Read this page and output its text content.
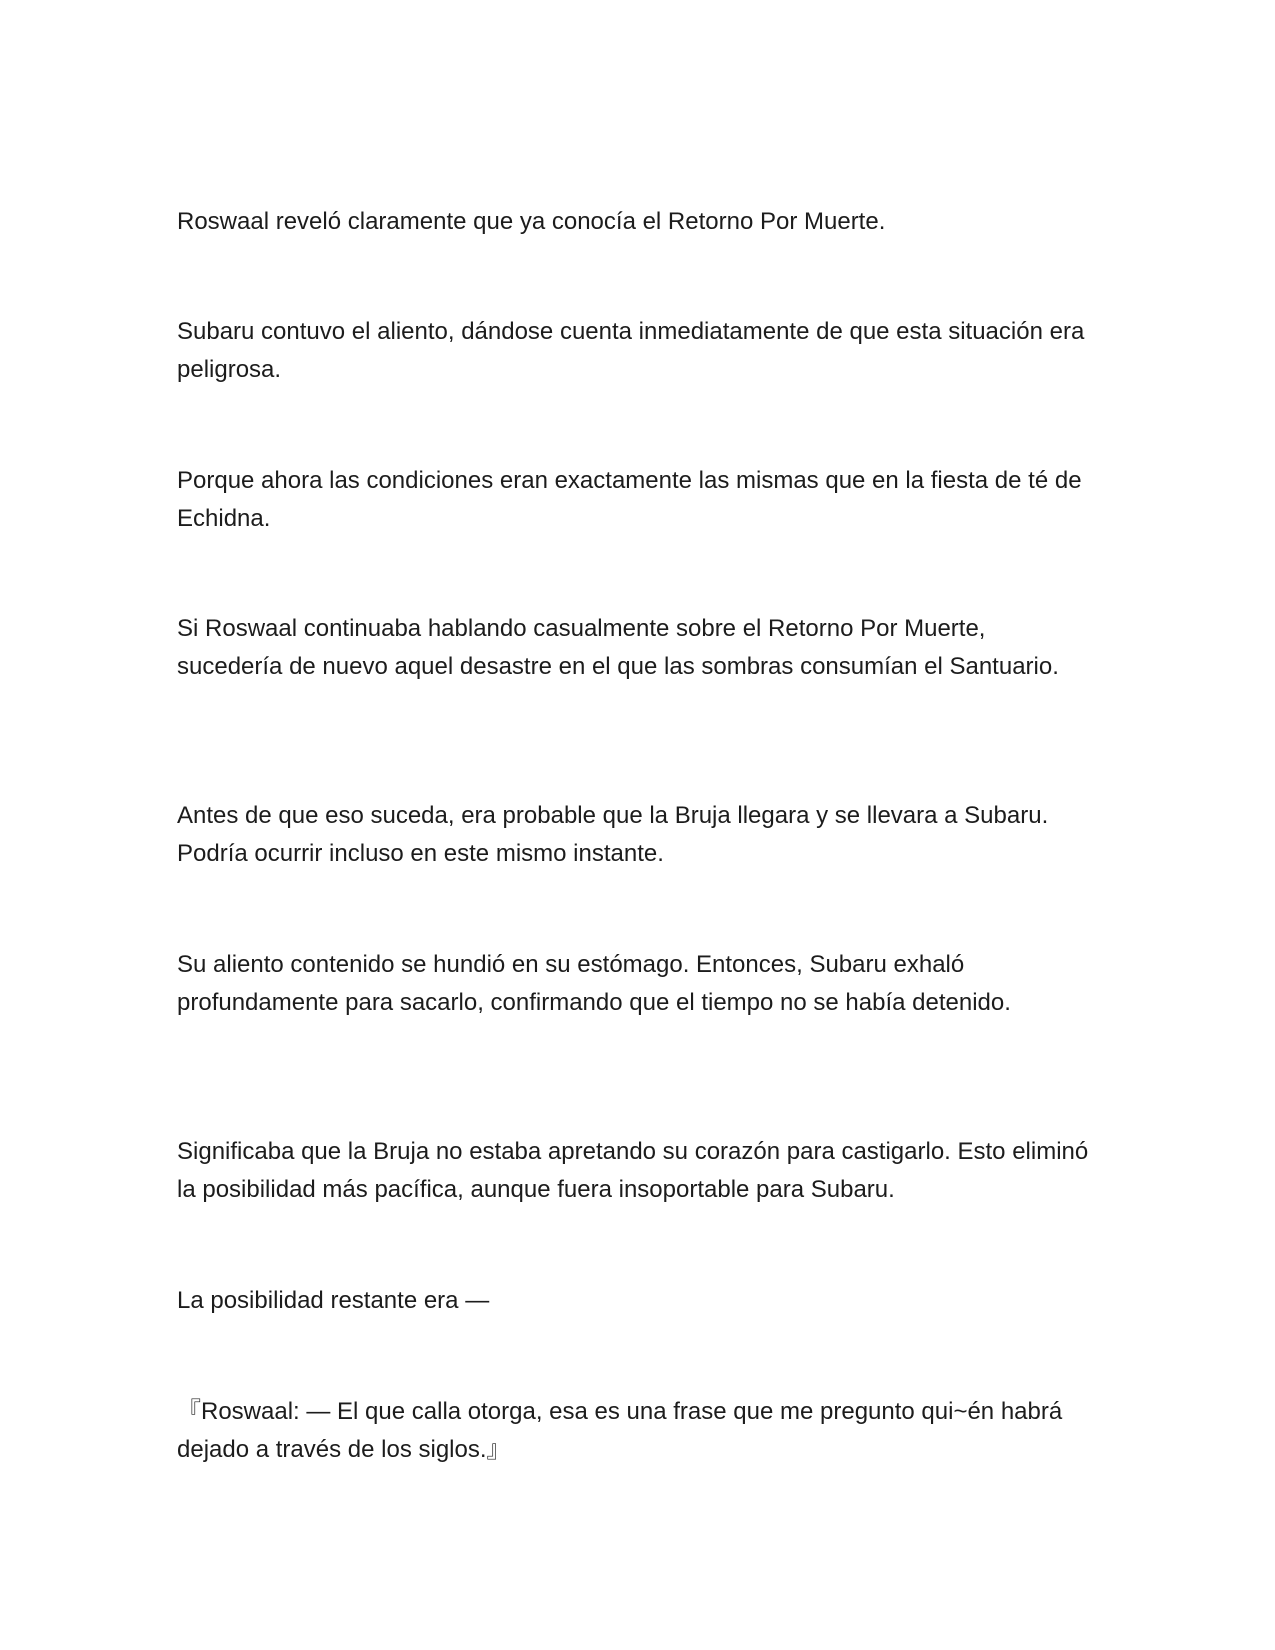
Roswaal reveló claramente que ya conocía el Retorno Por Muerte.

Subaru contuvo el aliento, dándose cuenta inmediatamente de que esta situación era peligrosa.

Porque ahora las condiciones eran exactamente las mismas que en la fiesta de té de Echidna.

Si Roswaal continuaba hablando casualmente sobre el Retorno Por Muerte, sucedería de nuevo aquel desastre en el que las sombras consumían el Santuario.

Antes de que eso suceda, era probable que la Bruja llegara y se llevara a Subaru. Podría ocurrir incluso en este mismo instante.

Su aliento contenido se hundió en su estómago. Entonces, Subaru exhaló profundamente para sacarlo, confirmando que el tiempo no se había detenido.

Significaba que la Bruja no estaba apretando su corazón para castigarlo. Esto eliminó la posibilidad más pacífica, aunque fuera insoportable para Subaru.

La posibilidad restante era —

『Roswaal: — El que calla otorga, esa es una frase que me pregunto qui~én habrá dejado a través de los siglos.』
